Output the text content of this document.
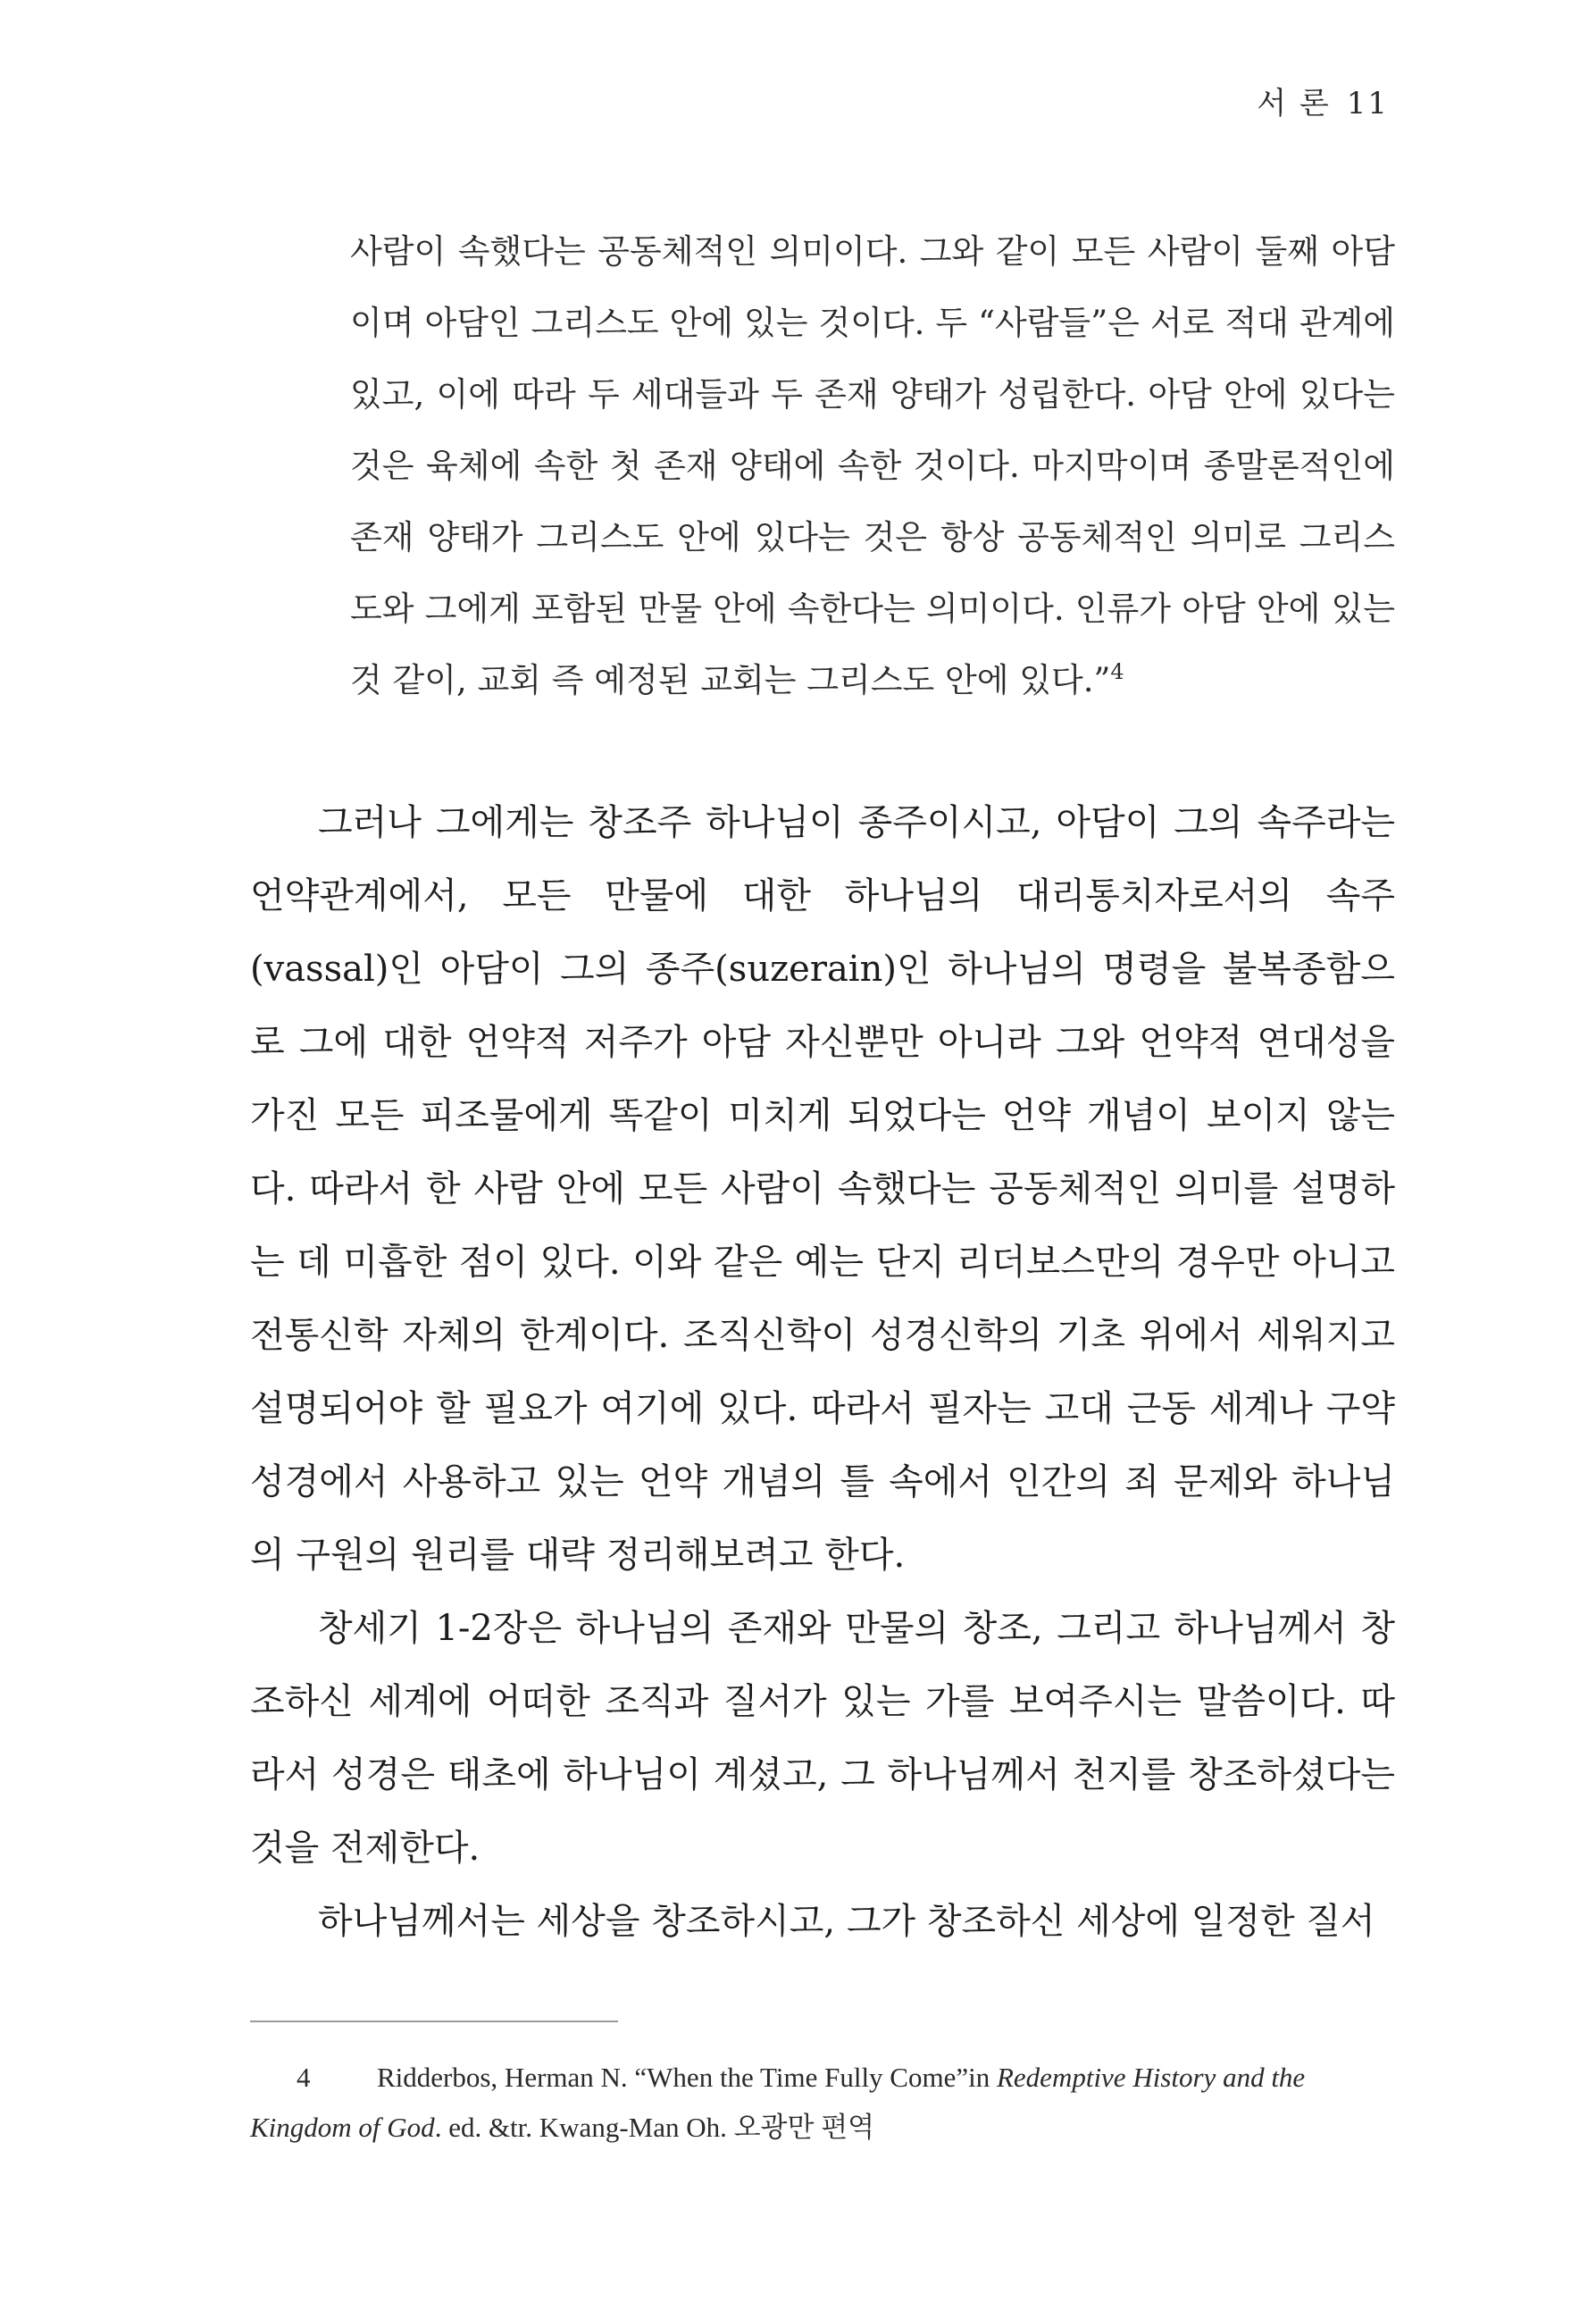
서 론 11
사람이 속했다는 공동체적인 의미이다. 그와 같이 모든 사람이 둘째 아담이며 아담인 그리스도 안에 있는 것이다. 두 “사람들”은 서로 적대 관계에 있고, 이에 따라 두 세대들과 두 존재 양태가 성립한다. 아담 안에 있다는 것은 육체에 속한 첫 존재 양태에 속한 것이다. 마지막이며 종말론적인에 존재 양태가 그리스도 안에 있다는 것은 항상 공동체적인 의미로 그리스도와 그에게 포함된 만물 안에 속한다는 의미이다. 인류가 아담 안에 있는 것 같이, 교회 즉 예정된 교회는 그리스도 안에 있다.”$^4$

그러나 그에게는 창조주 하나님이 종주이시고, 아담이 그의 속주라는 언약관계에서, 모든 만물에 대한 하나님의 대리통치자로서의 속주(vassal)인 아담이 그의 종주(suzerain)인 하나님의 명령을 불복종함으로 그에 대한 언약적 저주가 아담 자신뿐만 아니라 그와 언약적 연대성을 가진 모든 피조물에게 똑같이 미치게 되었다는 언약 개념이 보이지 않는다. 따라서 한 사람 안에 모든 사람이 속했다는 공동체적인 의미를 설명하는 데 미흡한 점이 있다. 이와 같은 예는 단지 리더보스만의 경우만 아니고 전통신학 자체의 한계이다. 조직신학이 성경신학의 기초 위에서 세워지고 설명되어야 할 필요가 여기에 있다. 따라서 필자는 고대 근동 세계나 구약성경에서 사용하고 있는 언약 개념의 틀 속에서 인간의 죄 문제와 하나님의 구원의 원리를 대략 정리해보려고 한다.

창세기 1-2장은 하나님의 존재와 만물의 창조, 그리고 하나님께서 창조하신 세계에 어떠한 조직과 질서가 있는 가를 보여주시는 말씀이다. 따라서 성경은 태초에 하나님이 계셨고, 그 하나님께서 천지를 창조하셨다는 것을 전제한다.

하나님께서는 세상을 창조하시고, 그가 창조하신 세상에 일정한 질서

4 Ridderbos, Herman N. “When the Time Fully Come”in Redemptive History and the Kingdom of God. ed. &tr. Kwang-Man Oh. 오광만 편역
